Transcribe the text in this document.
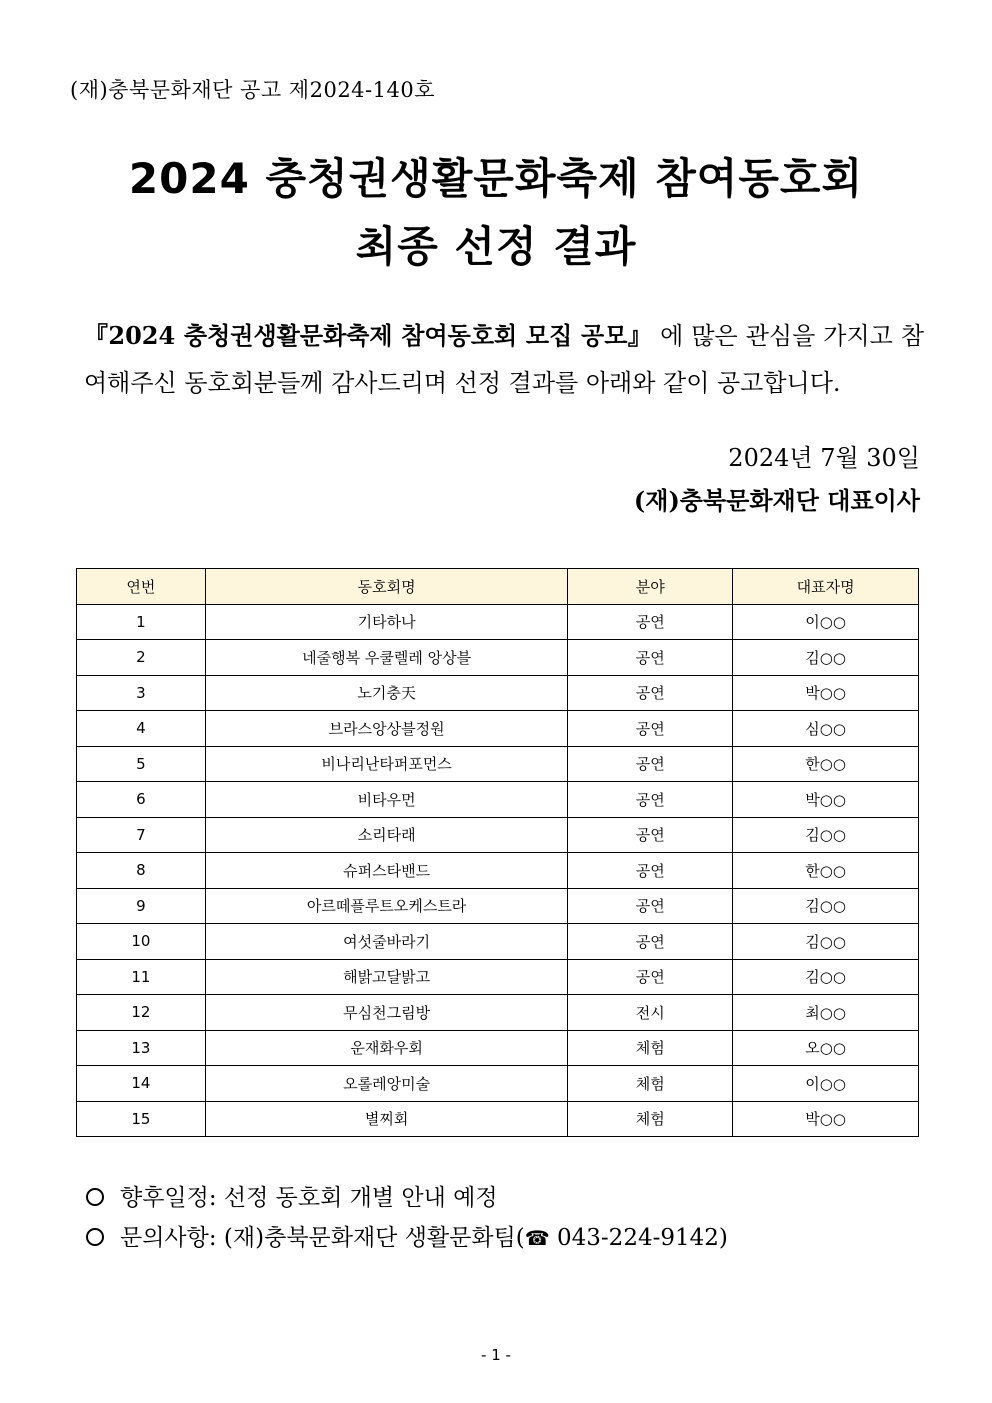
(재)충북문화재단 공고 제2024-140호
2024 충청권생활문화축제 참여동호회
최종 선정 결과
『2024 충청권생활문화축제 참여동호회 모집 공모』 에 많은 관심을 가지고 참여해주신 동호회분들께 감사드리며 선정 결과를 아래와 같이 공고합니다.
2024년 7월 30일
(재)충북문화재단 대표이사
연번	동호회명	분야	대표자명
1	기타하나	공연	이○○
2	네줄행복 우쿨렐레 앙상블	공연	김○○
3	노기충天	공연	박○○
4	브라스앙상블정원	공연	심○○
5	비나리난타퍼포먼스	공연	한○○
6	비타우먼	공연	박○○
7	소리타래	공연	김○○
8	슈퍼스타밴드	공연	한○○
9	아르떼플루트오케스트라	공연	김○○
10	여섯줄바라기	공연	김○○
11	해밝고달밝고	공연	김○○
12	무심천그림방	전시	최○○
13	운재화우회	체험	오○○
14	오롤레앙미술	체험	이○○
15	별찌회	체험	박○○
향후일정: 선정 동호회 개별 안내 예정
문의사항: (재)충북문화재단 생활문화팀(☎ 043-224-9142)
- 1 -
